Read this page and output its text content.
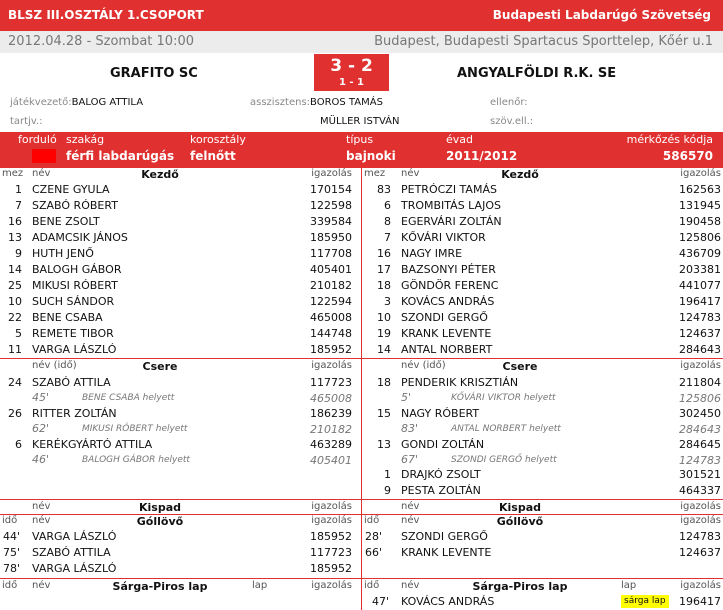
BLSZ III.OSZTÁLY 1.CSOPORT	Budapesti Labdarúgó Szövetség
2012.04.28 - Szombat 10:00	Budapest, Budapesti Spartacus Sporttelep, Kőér u.1
GRAFITO SC	ANGYALFÖLDI R.K. SE
3 - 2
1 - 1
játékvezető:BALOG ATTILA	asszisztens:BOROS TAMÁS	ellenőr:
tartjv.:	MÜLLER ISTVÁN	szöv.ell.:
forduló szakág
férfi labdarúgás
korosztály
felnőtt
típus
bajnoki
évad
2011/2012
mérkőzés kódja
586570
mez név	Kezdő	igazolás mez név	Kezdő	igazolás
1 CZENE GYULA	170154
7 SZABÓ RÓBERT	122598
16 BENE ZSOLT	339584
13 ADAMCSIK JÁNOS	185950
9 HUTH JENŐ	117708
14 BALOGH GÁBOR	405401
25 MIKUSI RÓBERT	210182
10 SUCH SÁNDOR	122594
22 BENE CSABA	465008
5 REMETE TIBOR	144748
11 VARGA LÁSZLÓ	185952
83 PETRÓCZI TAMÁS	162563
6 TROMBITÁS LAJOS	131945
8 EGERVÁRI ZOLTÁN	190458
7 KŐVÁRI VIKTOR	125806
16 NAGY IMRE	436709
17 BAZSONYI PÉTER	203381
18 GÖNDÖR FERENC	441077
3 KOVÁCS ANDRÁS	196417
10 SZONDI GERGŐ	124783
19 KRANK LEVENTE	124637
14 ANTAL NORBERT	284643
név (idő)	Csere	igazolás	név (idő)	Csere	igazolás
24 SZABÓ ATTILA	117723
45'	BENE CSABA helyett	465008
26 RITTER ZOLTÁN	186239
62'	MIKUSI RÓBERT helyett	210182
6 KERÉKGYÁRTÓ ATTILA	463289
46'	BALOGH GÁBOR helyett	405401
18 PENDERIK KRISZTIÁN	211804
5'	KŐVÁRI VIKTOR helyett	125806
15 NAGY RÓBERT	302450
83'	ANTAL NORBERT helyett	284643
13 GONDI ZOLTÁN	284645
67'	SZONDI GERGŐ helyett	124783
1 DRAJKÓ ZSOLT	301521
9 PESTA ZOLTÁN	464337
név	Kispad	igazolás	név	Kispad	igazolás
idő név	Góllövő	igazolás idő név	Góllövő	igazolás
44' VARGA LÁSZLÓ	185952
75' SZABÓ ATTILA	117723
78' VARGA LÁSZLÓ	185952
28' SZONDI GERGŐ	124783
66' KRANK LEVENTE	124637
idő név	Sárga-Piros lap	lap	igazolás idő név	Sárga-Piros lap	lap	igazolás
47' KOVÁCS ANDRÁS	sárga lap	196417
